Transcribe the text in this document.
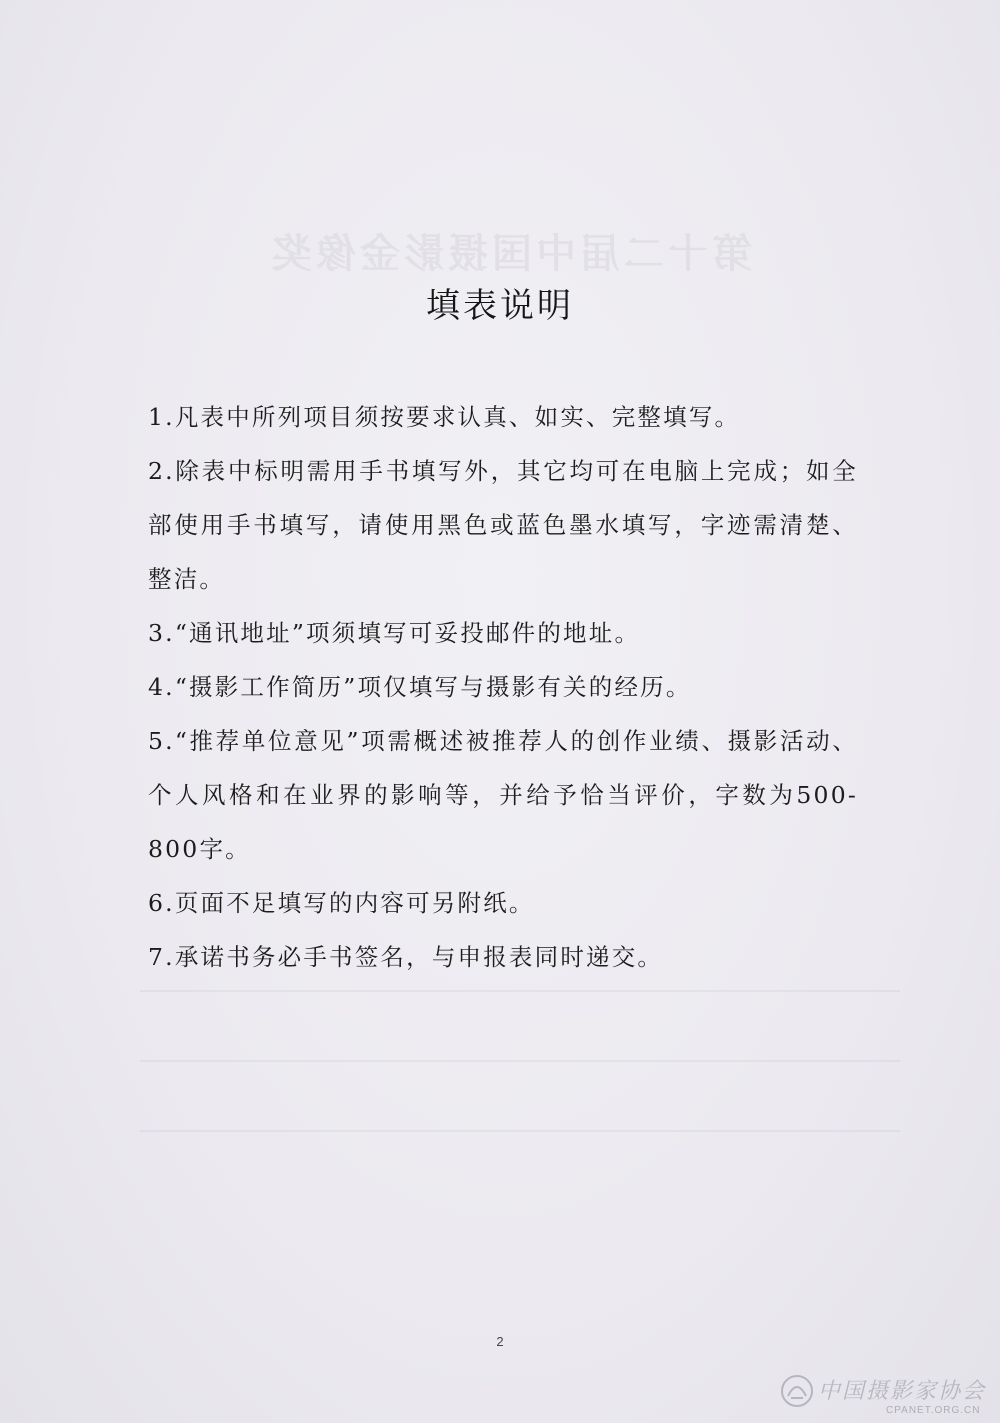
第十二届中国摄影金像奖
填表说明

1.凡表中所列项目须按要求认真、如实、完整填写。

2.除表中标明需用手书填写外，其它均可在电脑上完成；如全部使用手书填写，请使用黑色或蓝色墨水填写，字迹需清楚、整洁。

3.“通讯地址”项须填写可妥投邮件的地址。

4.“摄影工作简历”项仅填写与摄影有关的经历。

5.“推荐单位意见”项需概述被推荐人的创作业绩、摄影活动、个人风格和在业界的影响等，并给予恰当评价，字数为500-800字。

6.页面不足填写的内容可另附纸。

7.承诺书务必手书签名，与申报表同时递交。

2
中国摄影家协会
CPANET.ORG.CN
